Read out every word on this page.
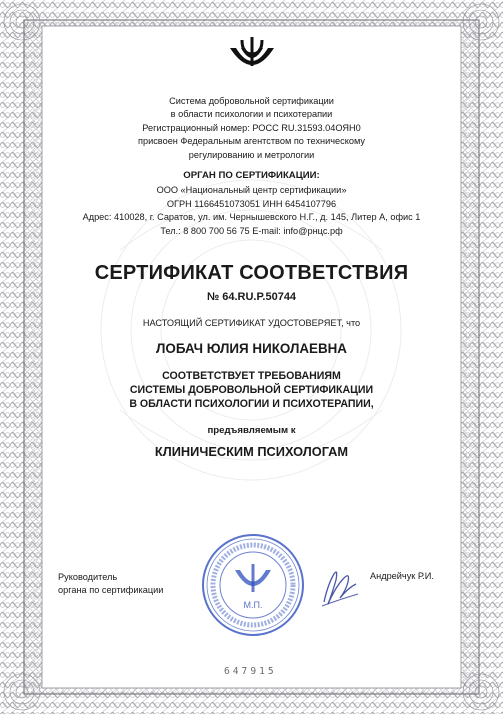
Система добровольной сертификации
в области психологии и психотерапии
Регистрационный номер: РОСС RU.31593.04ОЯН0
присвоен Федеральным агентством по техническому
регулированию и метрологии
ОРГАН ПО СЕРТИФИКАЦИИ:
ООО «Национальный центр сертификации»
ОГРН 1166451073051 ИНН 6454107796
Адрес: 410028, г. Саратов, ул. им. Чернышевского Н.Г., д. 145, Литер А, офис 1
Тел.: 8 800 700 56 75 E-mail: info@рнцс.рф
СЕРТИФИКАТ СООТВЕТСТВИЯ
№ 64.RU.P.50744
НАСТОЯЩИЙ СЕРТИФИКАТ УДОСТОВЕРЯЕТ, что
ЛОБАЧ ЮЛИЯ НИКОЛАЕВНА
СООТВЕТСТВУЕТ ТРЕБОВАНИЯМ
СИСТЕМЫ ДОБРОВОЛЬНОЙ СЕРТИФИКАЦИИ
В ОБЛАСТИ ПСИХОЛОГИИ И ПСИХОТЕРАПИИ,
предъявляемым к
КЛИНИЧЕСКИМ ПСИХОЛОГАМ
Руководитель
органа по сертификации
М.П.
Андрейчук Р.И.
647915
